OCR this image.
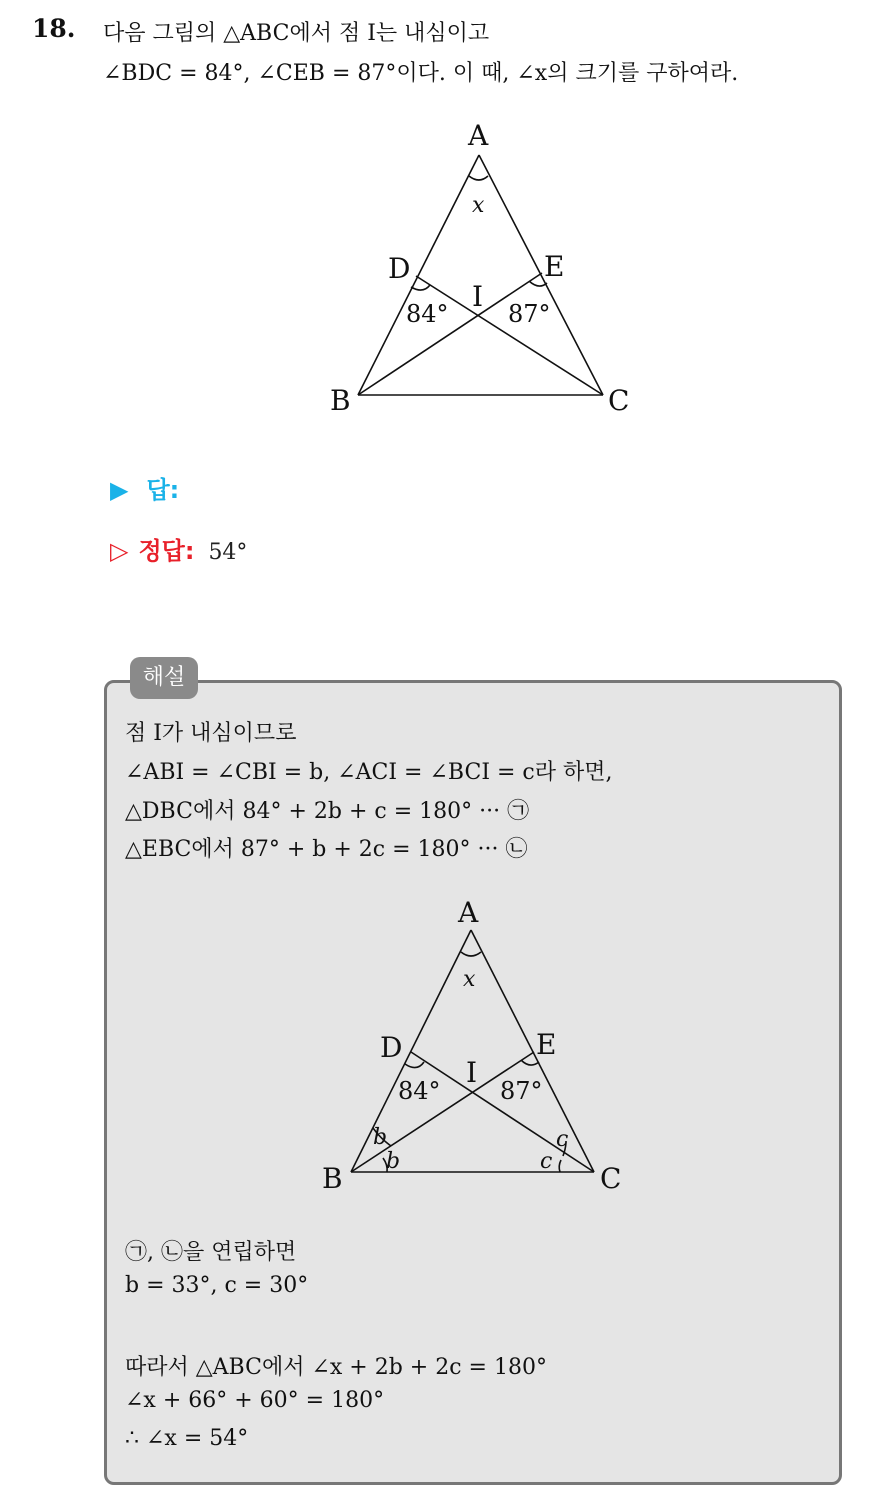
18. 다음 그림의 △ABC에서 점 I는 내심이고
∠BDC = 84°, ∠CEB = 87°이다. 이 때, ∠x의 크기를 구하여라.
A
x
D	E
I
84° 87°
B	C
▶ 답:
▷ 정답: 54°
해설
점 I가 내심이므로
∠ABI = ∠CBI = b, ∠ACI = ∠BCI = c라 하면,
△DBC에서 84° + 2b + c = 180° ··· ㉠
△EBC에서 87° + b + 2c = 180° ··· ㉡
A
x
D	E
I
84° 87°
b
b
c
c
B	C
㉠, ㉡을 연립하면
b = 33°, c = 30°
따라서 △ABC에서 ∠x + 2b + 2c = 180°
∠x + 66° + 60° = 180°
∴ ∠x = 54°
